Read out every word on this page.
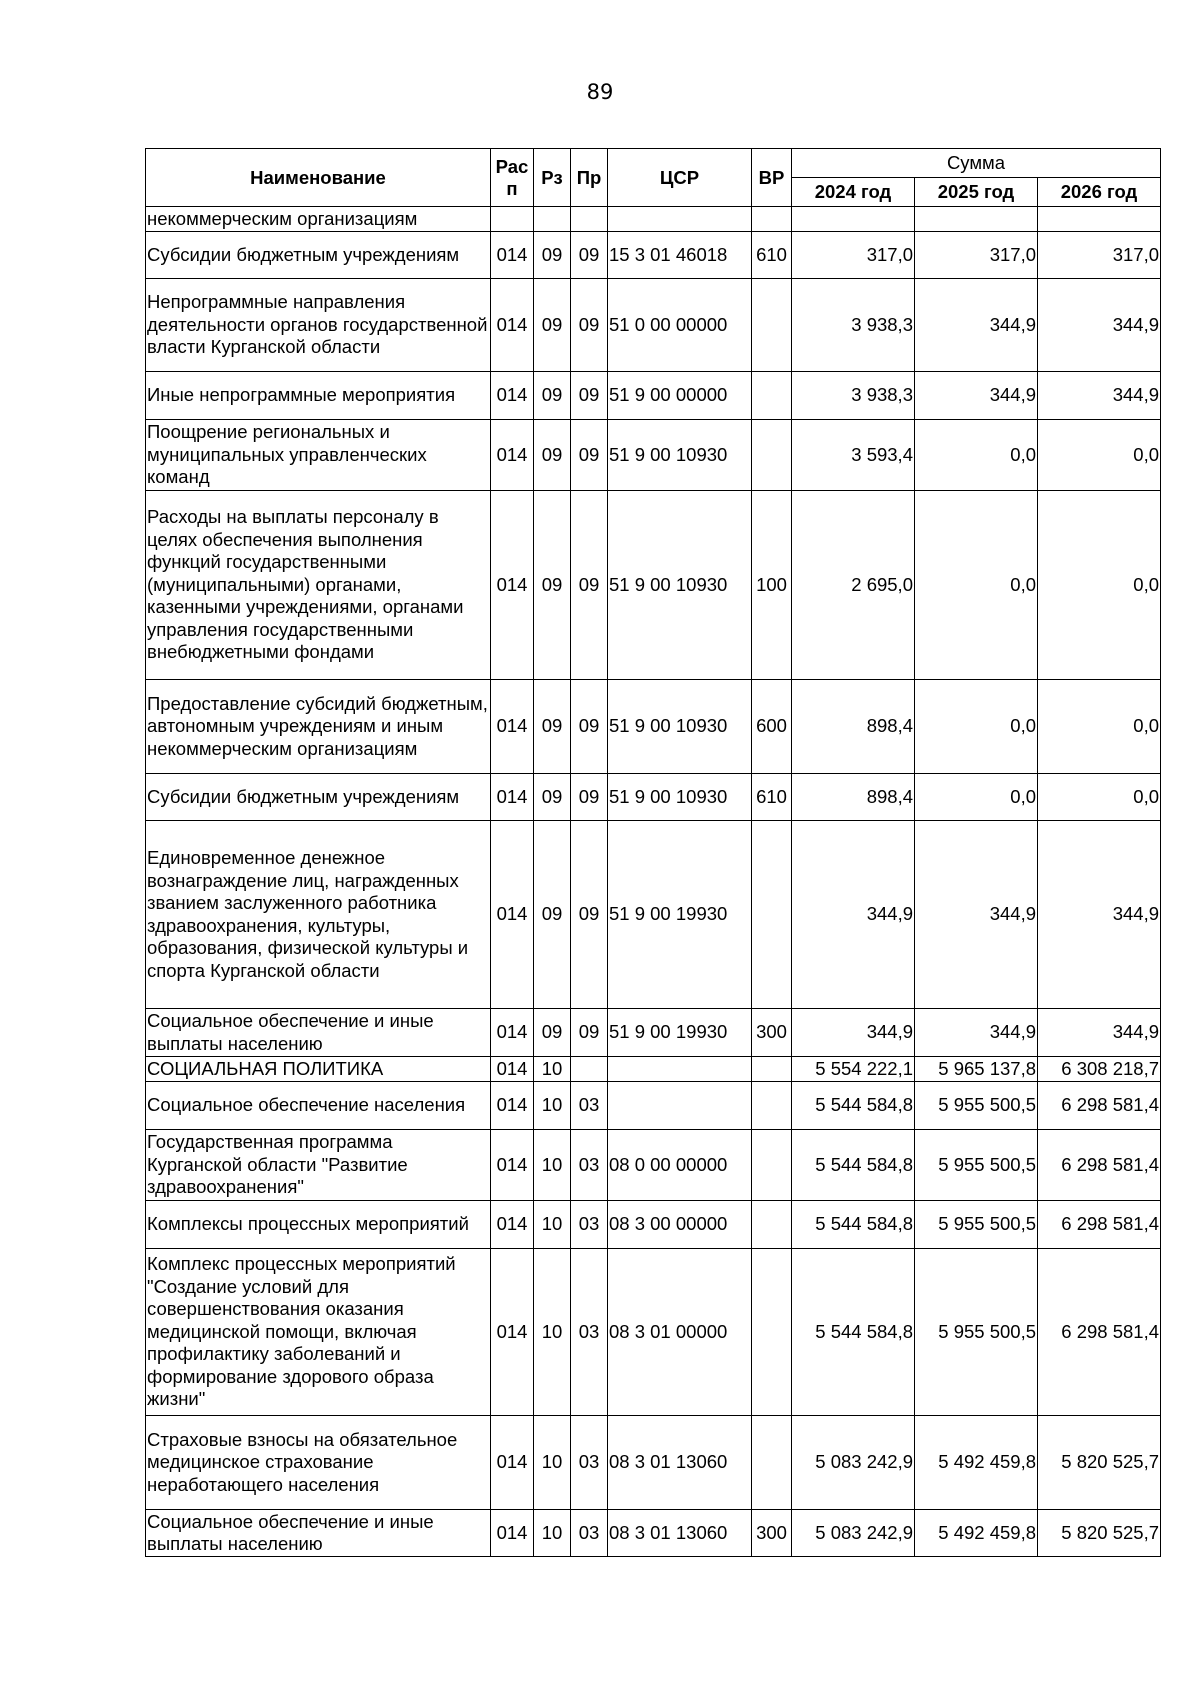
89
Наименование	Рас п	Рз	Пр	ЦСР	ВР	Сумма		
						2024 год	2025 год	2026 год
некоммерческим организациям								
Субсидии бюджетным учреждениям	014	09	09	15 3 01 46018	610	317,0	317,0	317,0
Непрограммные направления деятельности органов государственной власти Курганской области	014	09	09	51 0 00 00000		3 938,3	344,9	344,9
Иные непрограммные мероприятия	014	09	09	51 9 00 00000		3 938,3	344,9	344,9
Поощрение региональных и муниципальных управленческих команд	014	09	09	51 9 00 10930		3 593,4	0,0	0,0
Расходы на выплаты персоналу в целях обеспечения выполнения функций государственными (муниципальными) органами, казенными учреждениями, органами управления государственными внебюджетными фондами	014	09	09	51 9 00 10930	100	2 695,0	0,0	0,0
Предоставление субсидий бюджетным, автономным учреждениям и иным некоммерческим организациям	014	09	09	51 9 00 10930	600	898,4	0,0	0,0
Субсидии бюджетным учреждениям	014	09	09	51 9 00 10930	610	898,4	0,0	0,0
Единовременное денежное вознаграждение лиц, награжденных званием заслуженного работника здравоохранения, культуры, образования, физической культуры и спорта Курганской области	014	09	09	51 9 00 19930		344,9	344,9	344,9
Социальное обеспечение и иные выплаты населению	014	09	09	51 9 00 19930	300	344,9	344,9	344,9
СОЦИАЛЬНАЯ ПОЛИТИКА	014	10				5 554 222,1	5 965 137,8	6 308 218,7
Социальное обеспечение населения	014	10	03			5 544 584,8	5 955 500,5	6 298 581,4
Государственная программа Курганской области "Развитие здравоохранения"	014	10	03	08 0 00 00000		5 544 584,8	5 955 500,5	6 298 581,4
Комплексы процессных мероприятий	014	10	03	08 3 00 00000		5 544 584,8	5 955 500,5	6 298 581,4
Комплекс процессных мероприятий "Создание условий для совершенствования оказания медицинской помощи, включая профилактику заболеваний и формирование здорового образа жизни"	014	10	03	08 3 01 00000		5 544 584,8	5 955 500,5	6 298 581,4
Страховые взносы на обязательное медицинское страхование неработающего населения	014	10	03	08 3 01 13060		5 083 242,9	5 492 459,8	5 820 525,7
Социальное обеспечение и иные выплаты населению	014	10	03	08 3 01 13060	300	5 083 242,9	5 492 459,8	5 820 525,7
